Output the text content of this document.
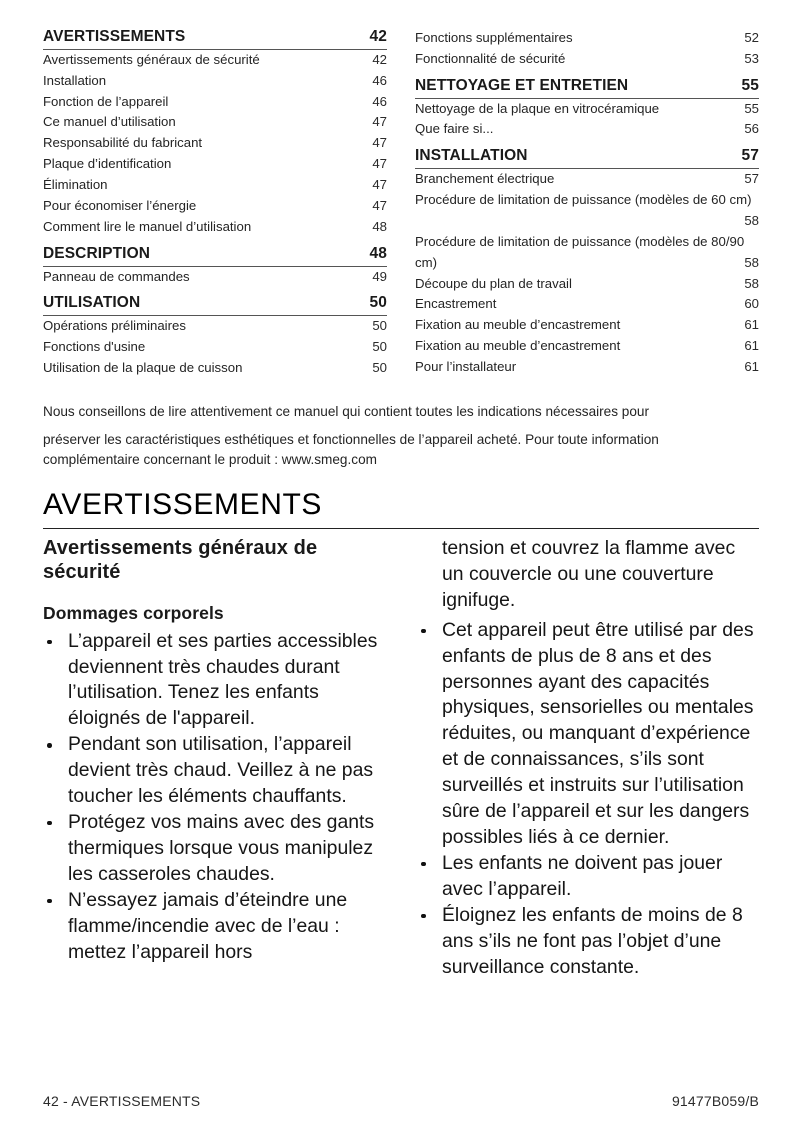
AVERTISSEMENTS	42
Avertissements généraux de sécurité	42
Installation	46
Fonction de l’appareil	46
Ce manuel d’utilisation	47
Responsabilité du fabricant	47
Plaque d’identification	47
Élimination	47
Pour économiser l’énergie	47
Comment lire le manuel d’utilisation	48
DESCRIPTION	48
Panneau de commandes	49
UTILISATION	50
Opérations préliminaires	50
Fonctions d'usine	50
Utilisation de la plaque de cuisson	50
Fonctions supplémentaires	52
Fonctionnalité de sécurité	53
NETTOYAGE ET ENTRETIEN	55
Nettoyage de la plaque en vitrocéramique	55
Que faire si...	56
INSTALLATION	57
Branchement électrique	57
Procédure de limitation de puissance (modèles de 60 cm)
58
Procédure de limitation de puissance (modèles de 80/90 cm)	58
Découpe du plan de travail	58
Encastrement	60
Fixation au meuble d’encastrement	61
Fixation au meuble d’encastrement	61
Pour l’installateur	61

Nous conseillons de lire attentivement ce manuel qui contient toutes les indications nécessaires pour

préserver les caractéristiques esthétiques et fonctionnelles de l’appareil acheté. Pour toute information complémentaire concernant le produit : www.smeg.com

AVERTISSEMENTS
Avertissements généraux de sécurité
Dommages corporels
L’appareil et ses parties accessibles deviennent très chaudes durant l’utilisation. Tenez les enfants éloignés de l'appareil.
Pendant son utilisation, l’appareil devient très chaud. Veillez à ne pas toucher les éléments chauffants.
Protégez vos mains avec des gants thermiques lorsque vous manipulez les casseroles chaudes.
N’essayez jamais d’éteindre une flamme/incendie avec de l’eau : mettez l’appareil hors

tension et couvrez la flamme avec un couvercle ou une couverture ignifuge.

Cet appareil peut être utilisé par des enfants de plus de 8 ans et des personnes ayant des capacités physiques, sensorielles ou mentales réduites, ou manquant d’expérience et de connaissances, s’ils sont surveillés et instruits sur l’utilisation sûre de l’appareil et sur les dangers possibles liés à ce dernier.
Les enfants ne doivent pas jouer avec l’appareil.
Éloignez les enfants de moins de 8 ans s’ils ne font pas l’objet d’une surveillance constante.
42 - AVERTISSEMENTS	91477B059/B
